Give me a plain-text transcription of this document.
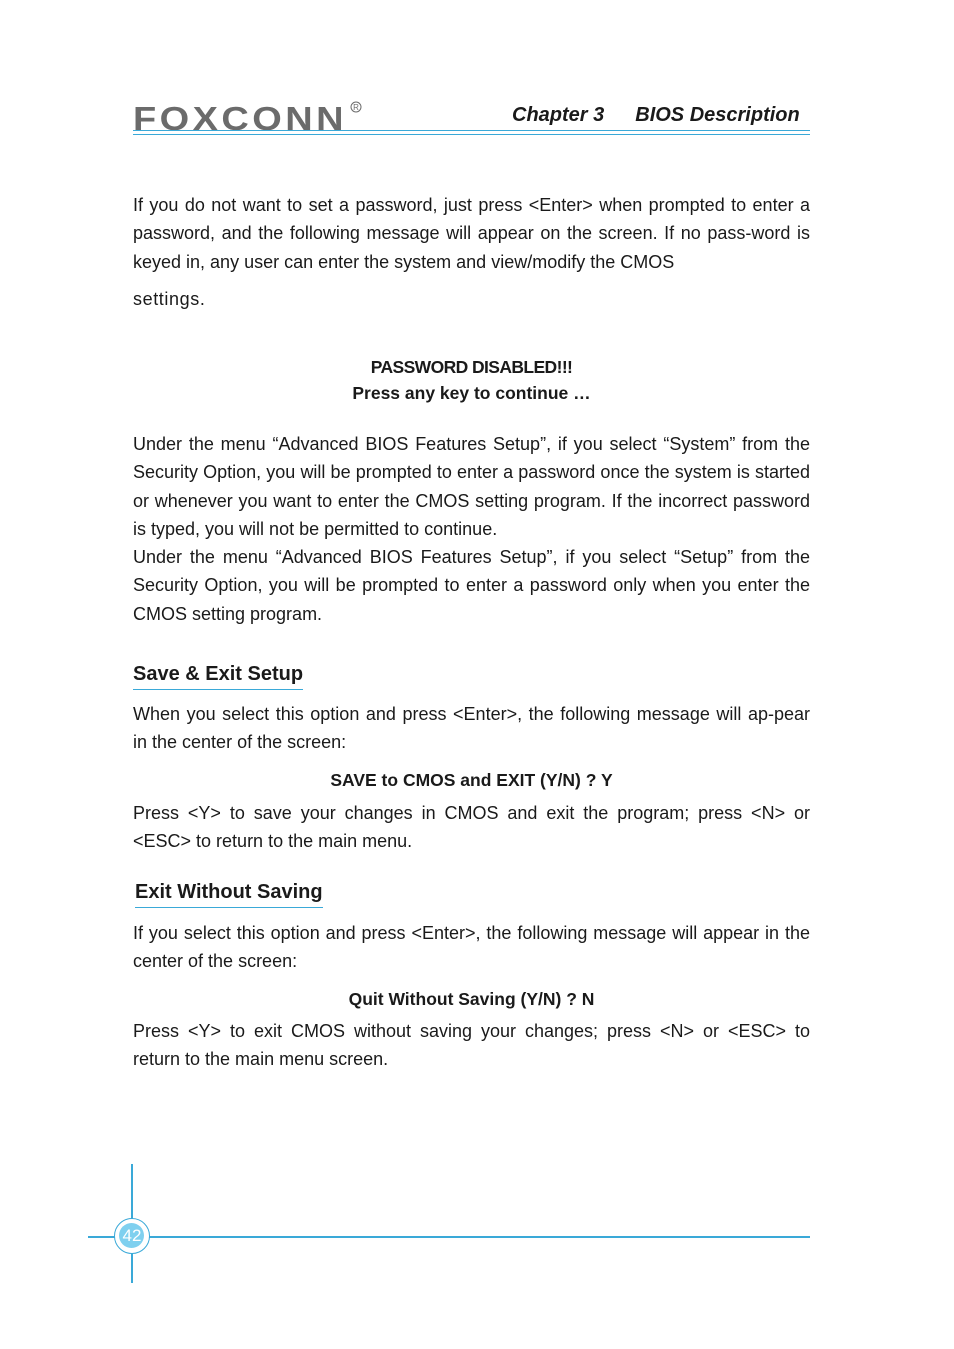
FOXCONN R	Chapter 3 BIOS Description

If you do not want to set a password, just press <Enter> when prompted to enter a password, and the following message will appear on the screen. If no pass-word is keyed in, any user can enter the system and view/modify the CMOS

settings.

PASSWORD DISABLED!!!
Press any key to continue …

Under the menu “Advanced BIOS Features Setup”, if you select “System” from the Security Option, you will be prompted to enter a password once the system is started or whenever you want to enter the CMOS setting program. If the incorrect password is typed, you will not be permitted to continue.

Under the menu “Advanced BIOS Features Setup”, if you select “Setup” from the Security Option, you will be prompted to enter a password only when you enter the CMOS setting program.

Save & Exit Setup

When you select this option and press <Enter>, the following message will ap-pear in the center of the screen:

SAVE to CMOS and EXIT (Y/N) ? Y

Press <Y> to save your changes in CMOS and exit the program; press <N> or <ESC> to return to the main menu.

Exit Without Saving

If you select this option and press <Enter>, the following message will appear in the center of the screen:

Quit Without Saving (Y/N) ? N

Press <Y> to exit CMOS without saving your changes; press <N> or <ESC> to return to the main menu screen.

42
